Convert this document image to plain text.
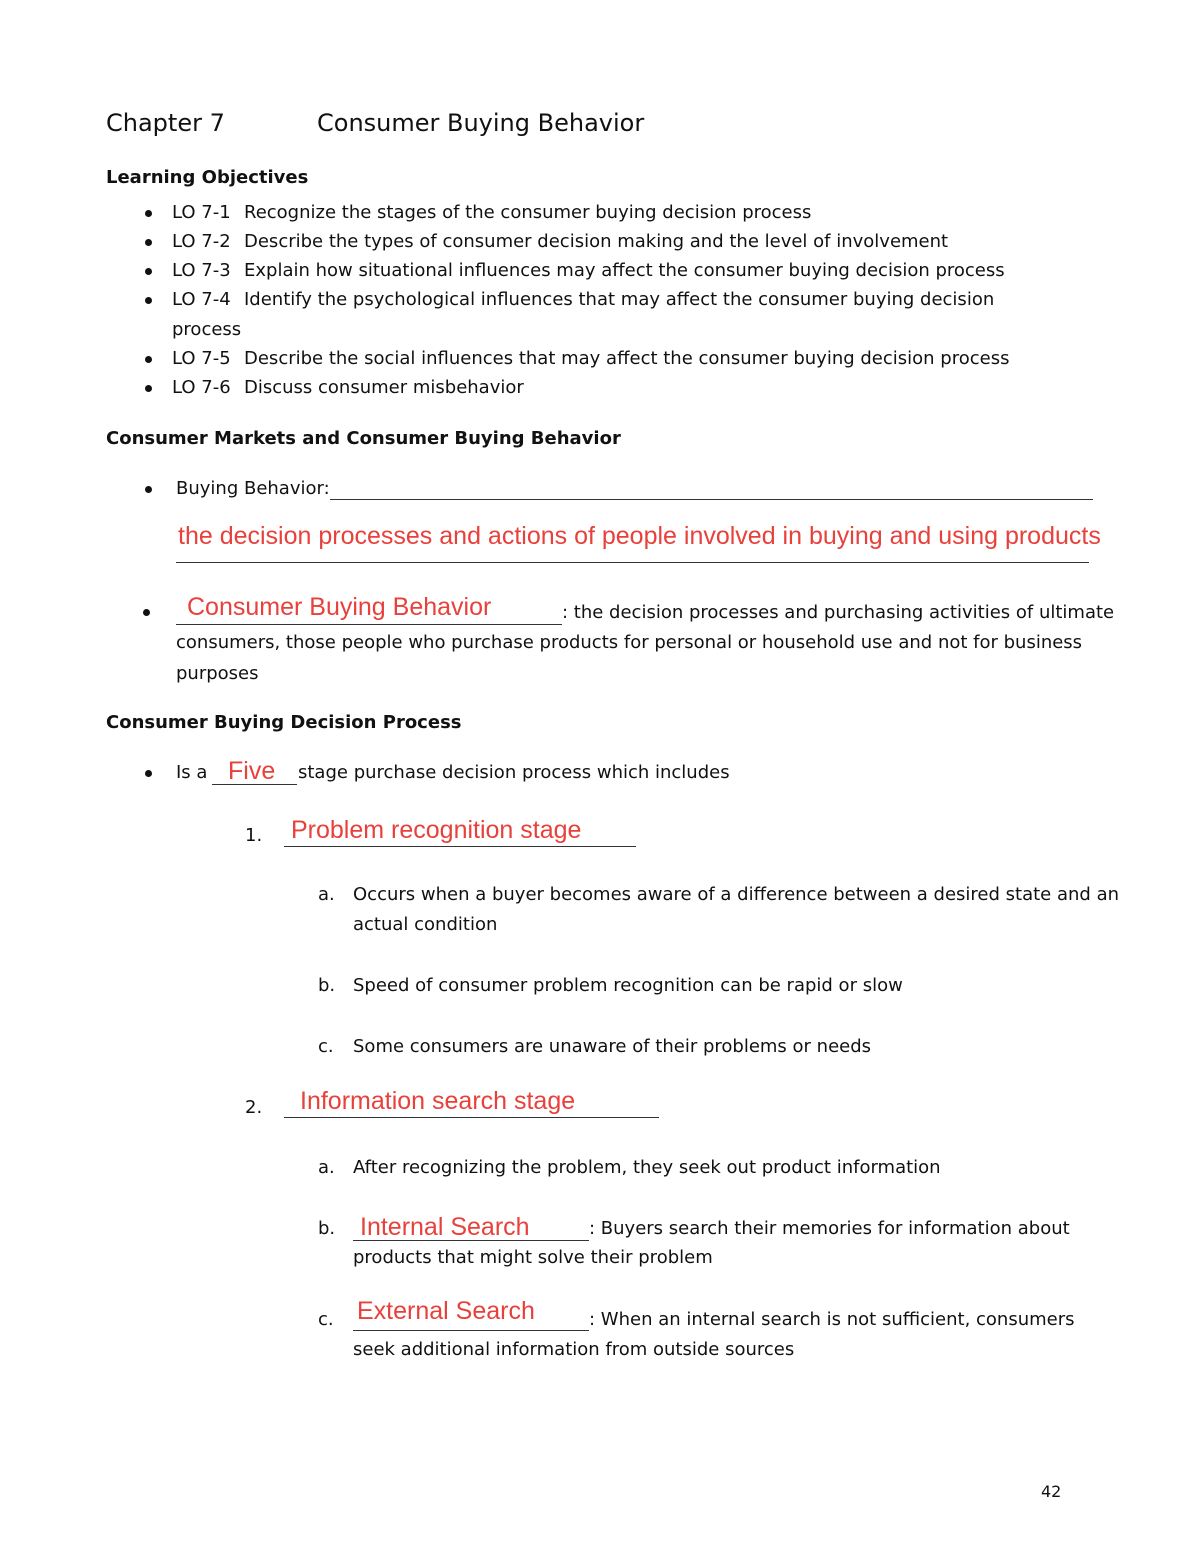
Chapter 7	Consumer Buying Behavior
Learning Objectives
LO 7-1 Recognize the stages of the consumer buying decision process
LO 7-2 Describe the types of consumer decision making and the level of involvement
LO 7-3 Explain how situational influences may affect the consumer buying decision process
LO 7-4 Identify the psychological influences that may affect the consumer buying decision
process
LO 7-5 Describe the social influences that may affect the consumer buying decision process
LO 7-6 Discuss consumer misbehavior
Consumer Markets and Consumer Buying Behavior
Buying Behavior:
the decision processes and actions of people involved in buying and using products
Consumer Buying Behavior	: the decision processes and purchasing activities of ultimate
consumers, those people who purchase products for personal or household use and not for business
purposes
Consumer Buying Decision Process
Is a Five stage purchase decision process which includes
1. Problem recognition stage
a. Occurs when a buyer becomes aware of a difference between a desired state and an
actual condition
b. Speed of consumer problem recognition can be rapid or slow
c. Some consumers are unaware of their problems or needs
2. Information search stage
a. After recognizing the problem, they seek out product information
b. Internal Search	: Buyers search their memories for information about
products that might solve their problem
c. External Search	: When an internal search is not sufficient, consumers
seek additional information from outside sources
42
